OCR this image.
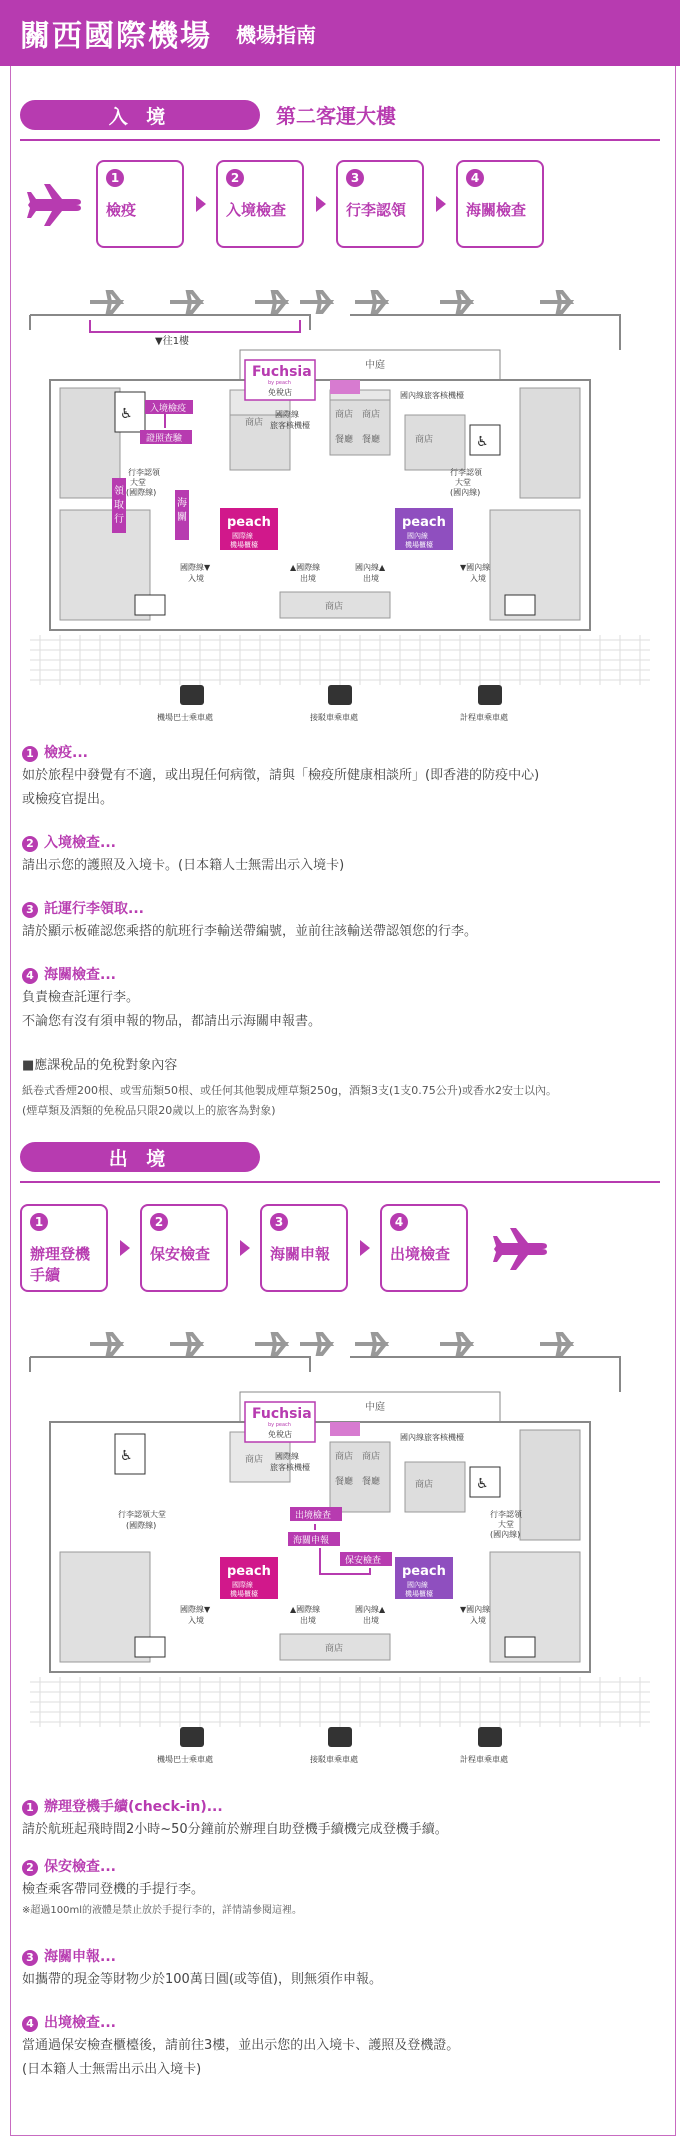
關西國際機場 機場指南
入 境	第二客運大樓
1
檢疫
2
入境檢查
3
行李認領
4
海關檢查
▼往1樓
中庭
商店
商店 商店
餐廳 餐廳	商店
國際線
旅客核機檯
國內線旅客核機檯
Fuchsia
by peach
免稅店
♿
♿
入境檢疫
證照查驗
領
取
行
海
關
行李認領
大堂
(國際線)
行李認領
大堂
(國內線)
peach
國際線
機場櫃檯
peach
國內線
機場櫃檯
國際線▼
入境
▲國際線
出境
國內線▲
出境
▼國內線
入境
商店
機場巴士乘車處	接駁車乘車處	計程車乘車處
1 檢疫...
如於旅程中發覺有不適，或出現任何病徵，請與「檢疫所健康相談所」(即香港的防疫中心)
或檢疫官提出。
2 入境檢查...
請出示您的護照及入境卡。(日本籍人士無需出示入境卡)
3 託運行李領取...
請於顯示板確認您乘搭的航班行李輸送帶編號，並前往該輸送帶認領您的行李。
4 海關檢查...
負責檢查託運行李。
不論您有沒有須申報的物品，都請出示海關申報書。
■應課稅品的免稅對象內容
紙卷式香煙200根、或雪茄類50根、或任何其他製成煙草類250g，酒類3支(1支0.75公升)或香水2安士以內。
(煙草類及酒類的免稅品只限20歲以上的旅客為對象)
出 境
1
辦理登機
手續
2
保安檢查
3
海關申報
4
出境檢查
中庭
商店	商店 商店
餐廳 餐廳	商店
國際線
旅客核機檯
國內線旅客核機檯
Fuchsia
by peach
免稅店
♿
♿
行李認領大堂
(國際線)
行李認領
大堂
(國內線)
出境檢查
海關申報
保安檢查
peach
國際線
機場櫃檯
peach
國內線
機場櫃檯
國際線▼
入境
▲國際線
出境
國內線▲
出境
▼國內線
入境
商店
機場巴士乘車處	接駁車乘車處	計程車乘車處
1 辦理登機手續(check-in)...
請於航班起飛時間2小時~50分鐘前於辦理自助登機手續機完成登機手續。
2 保安檢查...
檢查乘客帶同登機的手提行李。
※超過100ml的液體是禁止放於手提行李的，詳情請參閱這裡。
3 海關申報...
如攜帶的現金等財物少於100萬日圓(或等值)，則無須作申報。
4 出境檢查...
當通過保安檢查櫃檯後，請前往3樓，並出示您的出入境卡、護照及登機證。
(日本籍人士無需出示出入境卡)
